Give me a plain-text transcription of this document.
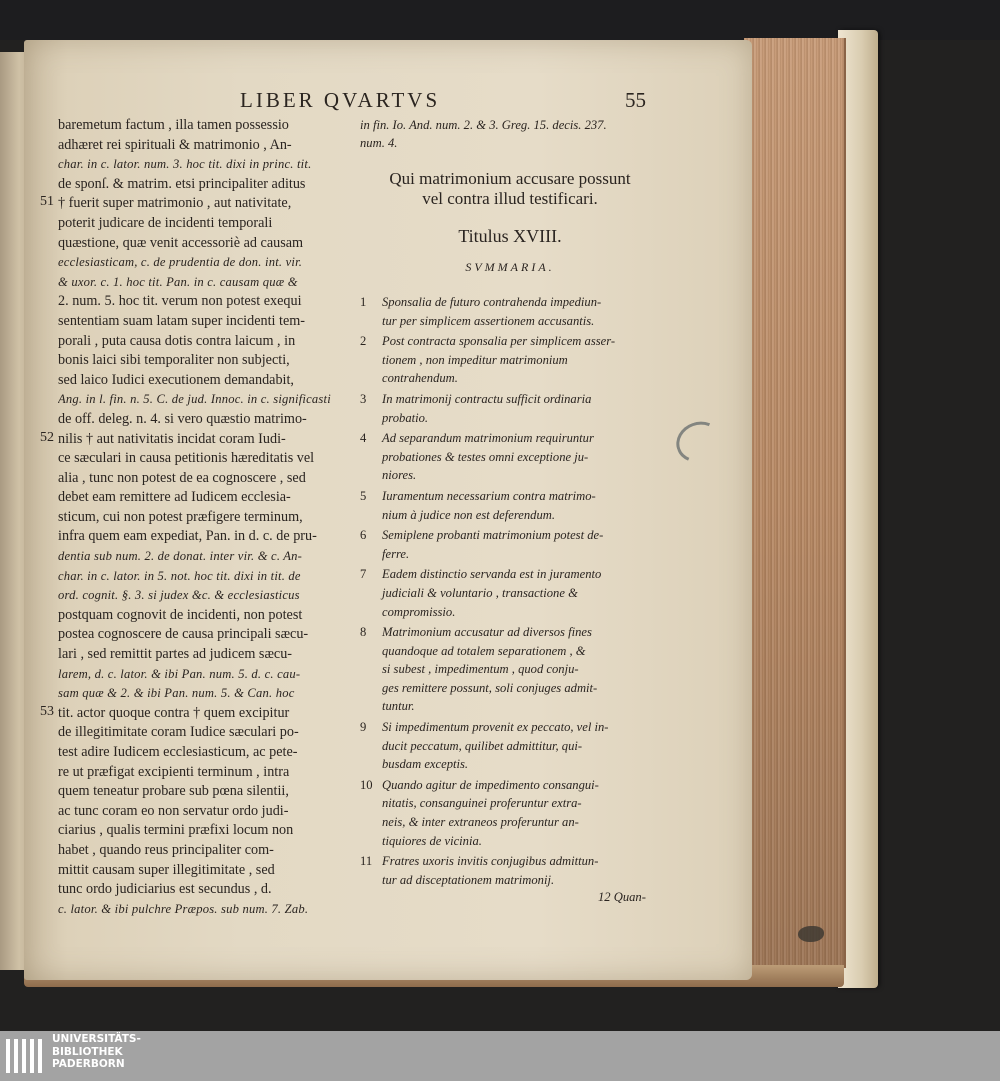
LIBER QVARTVS	55
baremetum factum , illa tamen possessio
adhæret rei spirituali & matrimonio , An-
char. in c. lator. num. 3. hoc tit. dixi in princ. tit.
de sponſ. & matrim. etsi principaliter aditus
† fuerit super matrimonio , aut nativitate,
poterit judicare de incidenti temporali
quæstione, quæ venit accessoriè ad causam
ecclesiasticam, c. de prudentia de don. int. vir.
& uxor. c. 1. hoc tit. Pan. in c. causam quæ &
2. num. 5. hoc tit. verum non potest exequi
sententiam suam latam super incidenti tem-
porali , puta causa dotis contra laicum , in
bonis laici sibi temporaliter non subjecti,
sed laico Iudici executionem demandabit,
Ang. in l. fin. n. 5. C. de jud. Innoc. in c. significasti
de off. deleg. n. 4. si vero quæstio matrimo-
nilis † aut nativitatis incidat coram Iudi-
ce sæculari in causa petitionis hæreditatis vel
alia , tunc non potest de ea cognoscere , sed
debet eam remittere ad Iudicem ecclesia-
sticum, cui non potest præfigere terminum,
infra quem eam expediat, Pan. in d. c. de pru-
dentia sub num. 2. de donat. inter vir. & c. An-
char. in c. lator. in 5. not. hoc tit. dixi in tit. de
ord. cognit. §. 3. si judex &c. & ecclesiasticus
postquam cognovit de incidenti, non potest
postea cognoscere de causa principali sæcu-
lari , sed remittit partes ad judicem sæcu-
larem, d. c. lator. & ibi Pan. num. 5. d. c. cau-
sam quæ & 2. & ibi Pan. num. 5. & Can. hoc
tit. actor quoque contra † quem excipitur
de illegitimitate coram Iudice sæculari po-
test adire Iudicem ecclesiasticum, ac pete-
re ut præfigat excipienti terminum , intra
quem teneatur probare sub pœna silentii,
ac tunc coram eo non servatur ordo judi-
ciarius , qualis termini præfixi locum non
habet , quando reus principaliter com-
mittit causam super illegitimitate , sed
tunc ordo judiciarius est secundus , d.
c. lator. & ibi pulchre Præpos. sub num. 7. Zab.
51
52
53
in fin. Io. And. num. 2. & 3. Greg. 15. decis. 237.
num. 4.
Qui matrimonium accusare possunt
vel contra illud testificari.
Titulus XVIII.
SVMMARIA.
1 Sponsalia de futuro contrahenda impediun-
tur per simplicem assertionem accusantis.
2 Post contracta sponsalia per simplicem asser-
tionem , non impeditur matrimonium
contrahendum.
3 In matrimonij contractu sufficit ordinaria
probatio.
4 Ad separandum matrimonium requiruntur
probationes & testes omni exceptione ju-
niores.
5 Iuramentum necessarium contra matrimo-
nium à judice non est deferendum.
6 Semiplene probanti matrimonium potest de-
ferre.
7 Eadem distinctio servanda est in juramento
judiciali & voluntario , transactione &
compromissio.
8 Matrimonium accusatur ad diversos fines
quandoque ad totalem separationem , &
si subest , impedimentum , quod conju-
ges remittere possunt, soli conjuges admit-
tuntur.
9 Si impedimentum provenit ex peccato, vel in-
ducit peccatum, quilibet admittitur, qui-
busdam exceptis.
10 Quando agitur de impedimento consangui-
nitatis, consanguinei proferuntur extra-
neis, & inter extraneos proferuntur an-
tiquiores de vicinia.
11 Fratres uxoris invitis conjugibus admittun-
tur ad disceptationem matrimonij.
12 Quan-
UNIVERSITÄTS-
BIBLIOTHEK
PADERBORN
